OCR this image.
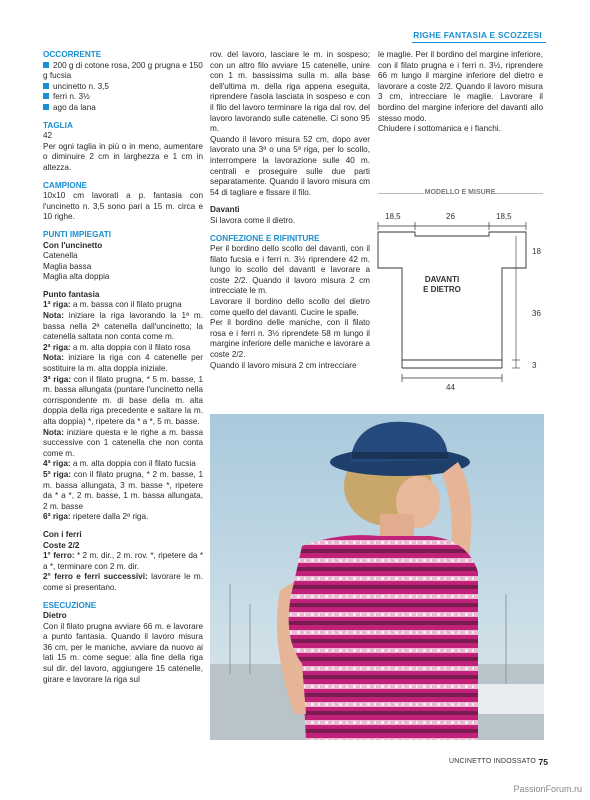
RIGHE FANTASIA E SCOZZESI

OCCORRENTE

200 g di cotone rosa, 200 g prugna e 150 g fucsia

uncinetto n. 3,5

ferri n. 3½

ago da lana

TAGLIA

42

Per ogni taglia in più o in meno, aumentare o diminuire 2 cm in larghezza e 1 cm in altezza.

CAMPIONE

10x10 cm lavorati a p. fantasia con l'uncinetto n. 3,5 sono pari a 15 m. circa e 10 righe.

PUNTI IMPIEGATI

Con l'uncinetto

Catenella

Maglia bassa

Maglia alta doppia

Punto fantasia

1ª riga: a m. bassa con il filato prugna

Nota: iniziare la riga lavorando la 1ª m. bassa nella 2ª catenella dall'uncinetto; la catenella saltata non conta come m.

2ª riga: a m. alta doppia con il filato rosa

Nota: iniziare la riga con 4 catenelle per sostituire la m. alta doppia iniziale.

3ª riga: con il filato prugna, * 5 m. basse, 1 m. bassa allungata (puntare l'uncinetto nella corrispondente m. di base della m. alta doppia della riga precedente e saltare la m. alta doppia) *, ripetere da * a *, 5 m. basse.

Nota: iniziare questa e le righe a m. bassa successive con 1 catenella che non conta come m.

4ª riga: a m. alta doppia con il filato fucsia

5ª riga: con il filato prugna, * 2 m. basse, 1 m. bassa allungata, 3 m. basse *, ripetere da * a *, 2 m. basse, 1 m. bassa allungata, 2 m. basse

6ª riga: ripetere dalla 2ª riga.

Con i ferri

Coste 2/2

1° ferro: * 2 m. dir., 2 m. rov. *, ripetere da * a *, terminare con 2 m. dir.

2° ferro e ferri successivi: lavorare le m. come si presentano.

ESECUZIONE

Dietro

Con il filato prugna avviare 66 m. e lavorare a punto fantasia. Quando il lavoro misura 36 cm, per le maniche, avviare da nuovo ai lati 15 m. come segue: alla fine della riga sul dir. del lavoro, aggiungere 15 catenelle, girare e lavorare la riga sul

rov. del lavoro, lasciare le m. in sospeso; con un altro filo avviare 15 catenelle, unire con 1 m. bassissima sulla m. alla base dell'ultima m. della riga appena eseguita, riprendere l'asola lasciata in sospeso e con il filo del lavoro terminare la riga dal rov. del lavoro lavorando sulle catenelle. Ci sono 95 m.

Quando il lavoro misura 52 cm, dopo aver lavorato una 3ª o una 5ª riga, per lo scollo, interrompere la lavorazione sulle 40 m. centrali e proseguire sulle due parti separatamente. Quando il lavoro misura cm 54 di tagliare e fissare il filo.

Davanti

Si lavora come il dietro.

CONFEZIONE E RIFINITURE

Per il bordino dello scollo del davanti, con il filato fucsia e i ferri n. 3½ riprendere 42 m. lungo lo scollo del davanti e lavorare a coste 2/2. Quando il lavoro misura 2 cm intrecciate le m.

Lavorare il bordino dello scollo del dietro come quello del davanti. Cucire le spalle.

Per il bordino delle maniche, con il filato rosa e i ferri n. 3½ riprendete 58 m lungo il margine inferiore delle maniche e lavorare a coste 2/2.

Quando il lavoro misura 2 cm intrecciare

le maglie. Per il bordino del margine inferiore, con il filato prugna e i ferri n. 3½, riprendere 66 m lungo il margine inferiore del dietro e lavorare a coste 2/2. Quando il lavoro misura 3 cm, intrecciare le maglie. Lavorare il bordino del margine inferiore del davanti allo stesso modo.

Chiudere i sottomanica e i fianchi.

MODELLO E MISURE
18,5	26	18,5
18
36
3
44
DAVANTI
E DIETRO
UNCINETTO INDOSSATO 75
PassionForum.ru
